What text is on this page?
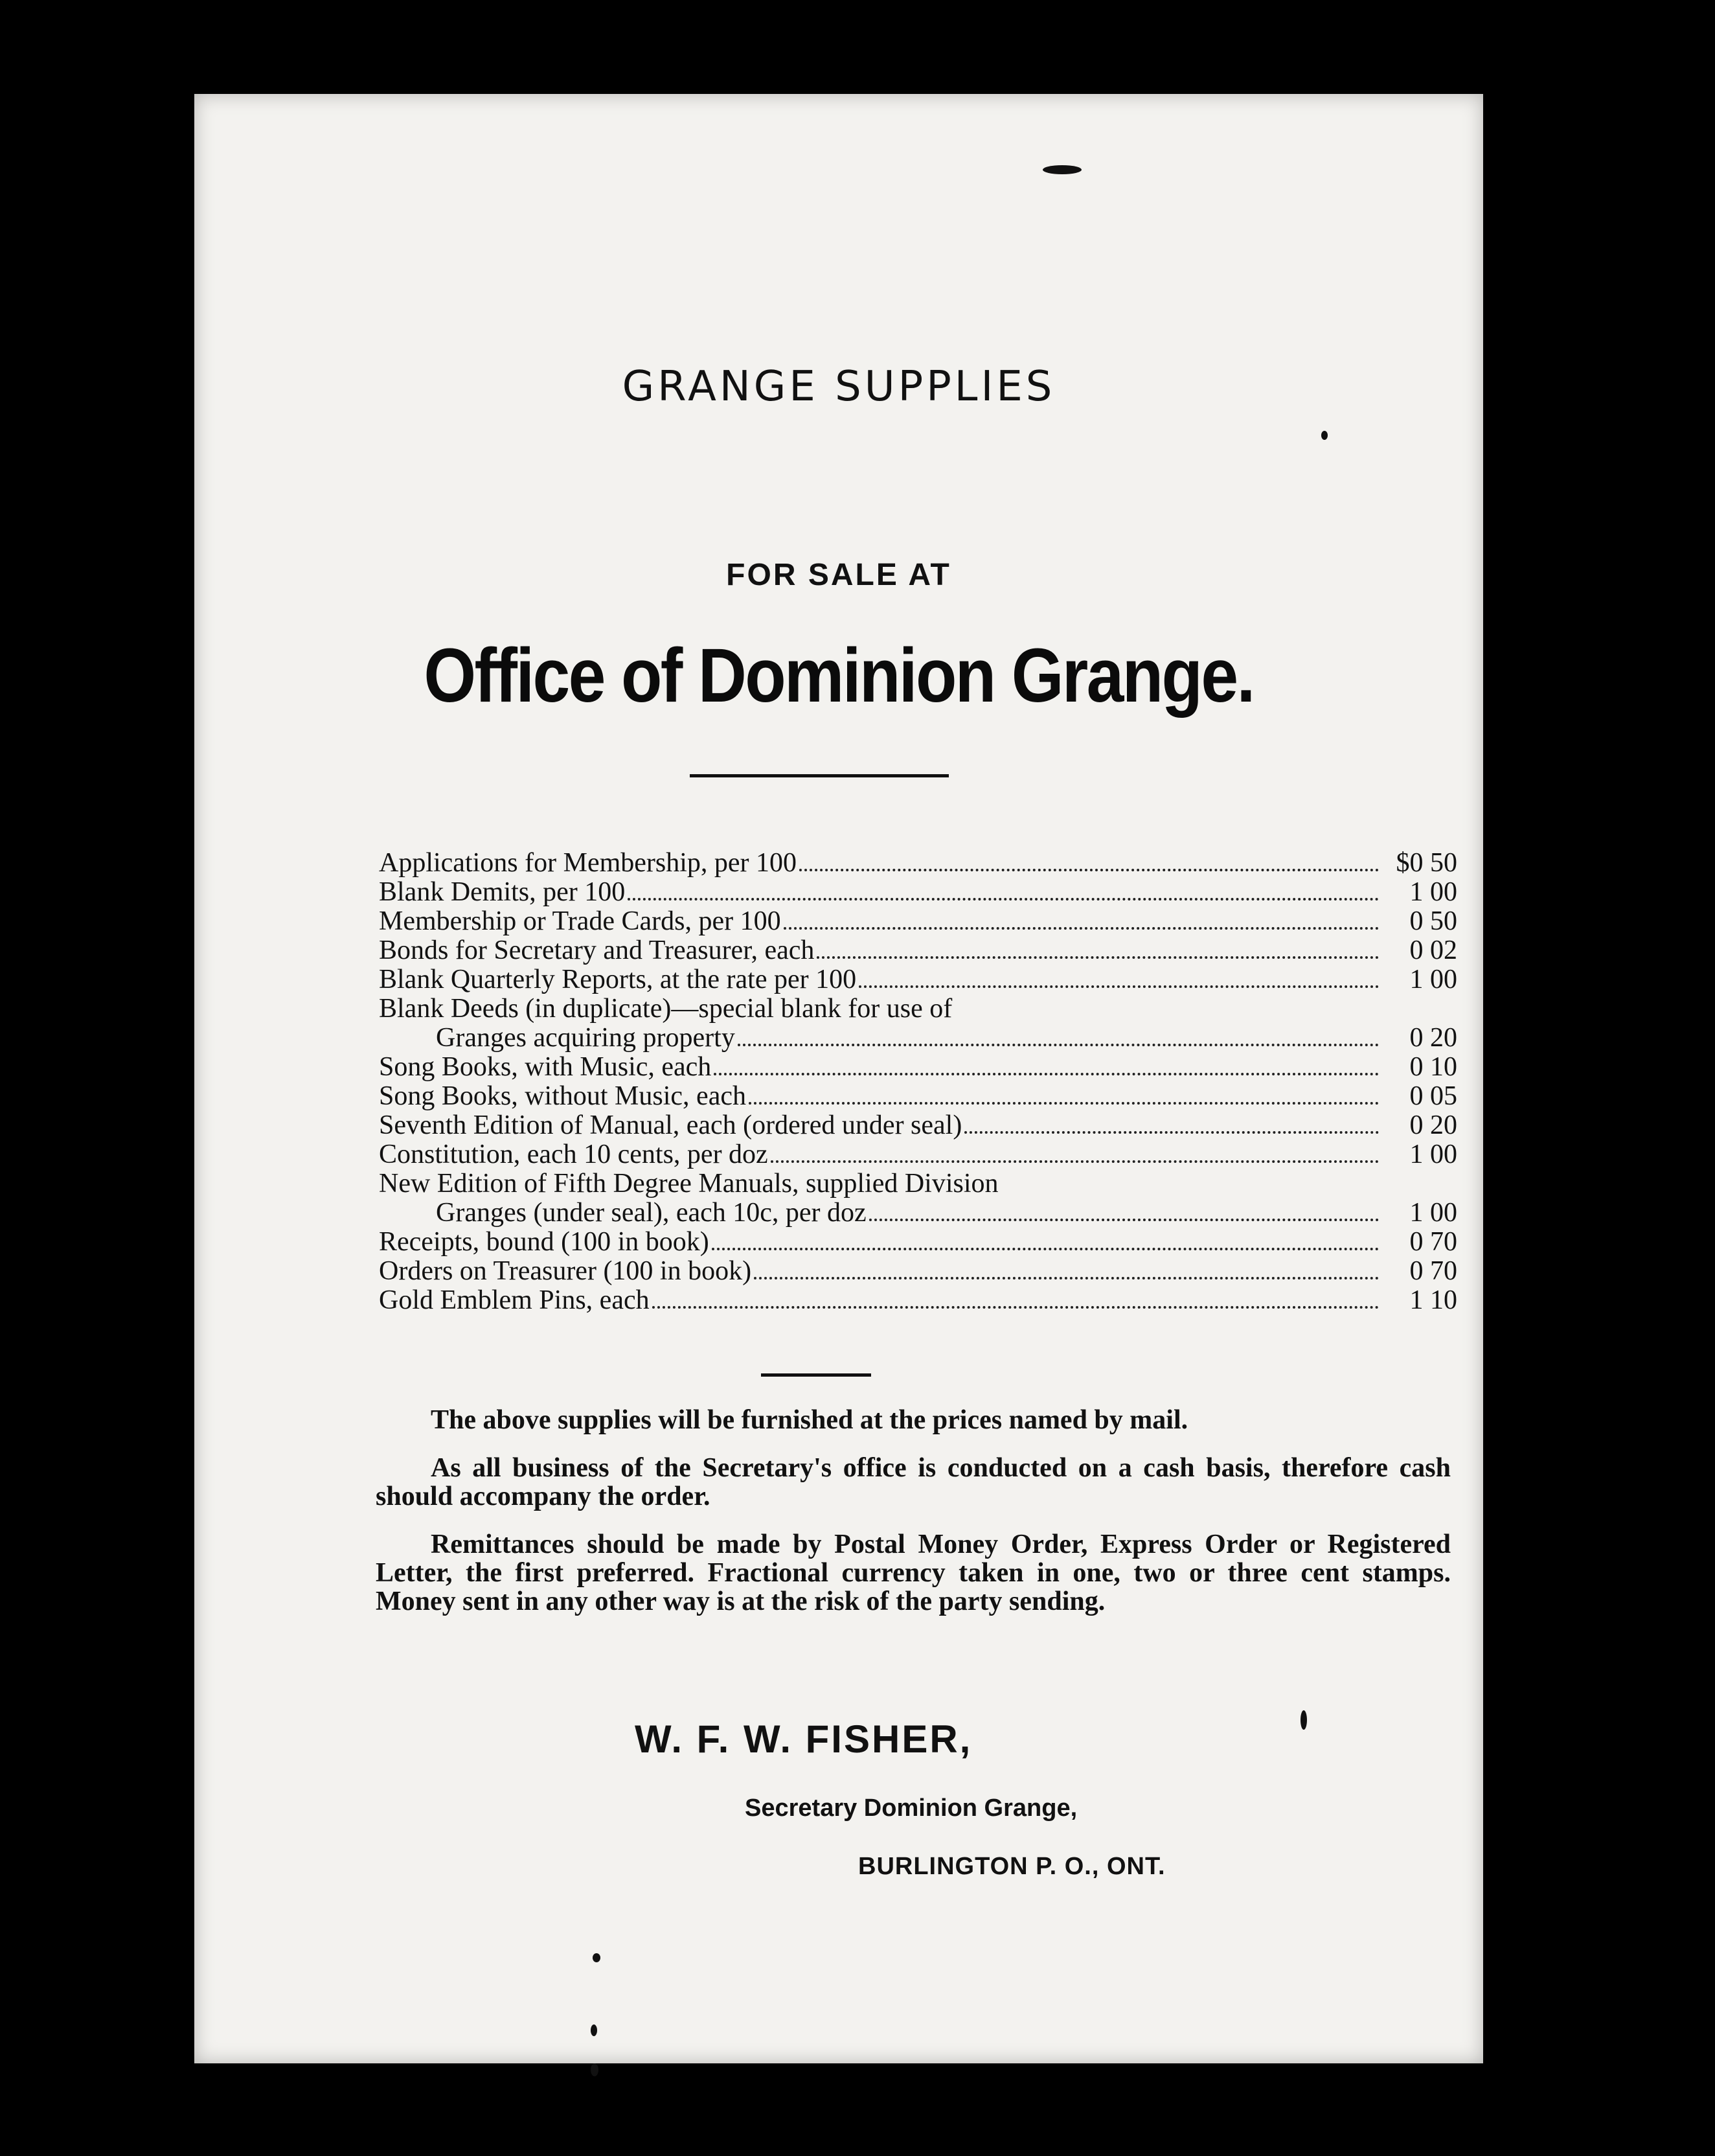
GRANGE SUPPLIES
FOR SALE AT
Office of Dominion Grange.
Applications for Membership, per 100	$0 50
Blank Demits, per 100	1 00
Membership or Trade Cards, per 100	0 50
Bonds for Secretary and Treasurer, each	0 02
Blank Quarterly Reports, at the rate per 100	1 00
Blank Deeds (in duplicate)—special blank for use of
Granges acquiring property	0 20
Song Books, with Music, each	0 10
Song Books, without Music, each	0 05
Seventh Edition of Manual, each (ordered under seal)	0 20
Constitution, each 10 cents, per doz	1 00
New Edition of Fifth Degree Manuals, supplied Division
Granges (under seal), each 10c, per doz	1 00
Receipts, bound (100 in book)	0 70
Orders on Treasurer (100 in book)	0 70
Gold Emblem Pins, each	1 10

The above supplies will be furnished at the prices named by mail.

As all business of the Secretary's office is conducted on a cash basis, therefore cash should accompany the order.

Remittances should be made by Postal Money Order, Express Order or Registered Letter, the first preferred. Fractional currency taken in one, two or three cent stamps. Money sent in any other way is at the risk of the party sending.

W. F. W. FISHER,
Secretary Dominion Grange,
BURLINGTON P. O., ONT.
